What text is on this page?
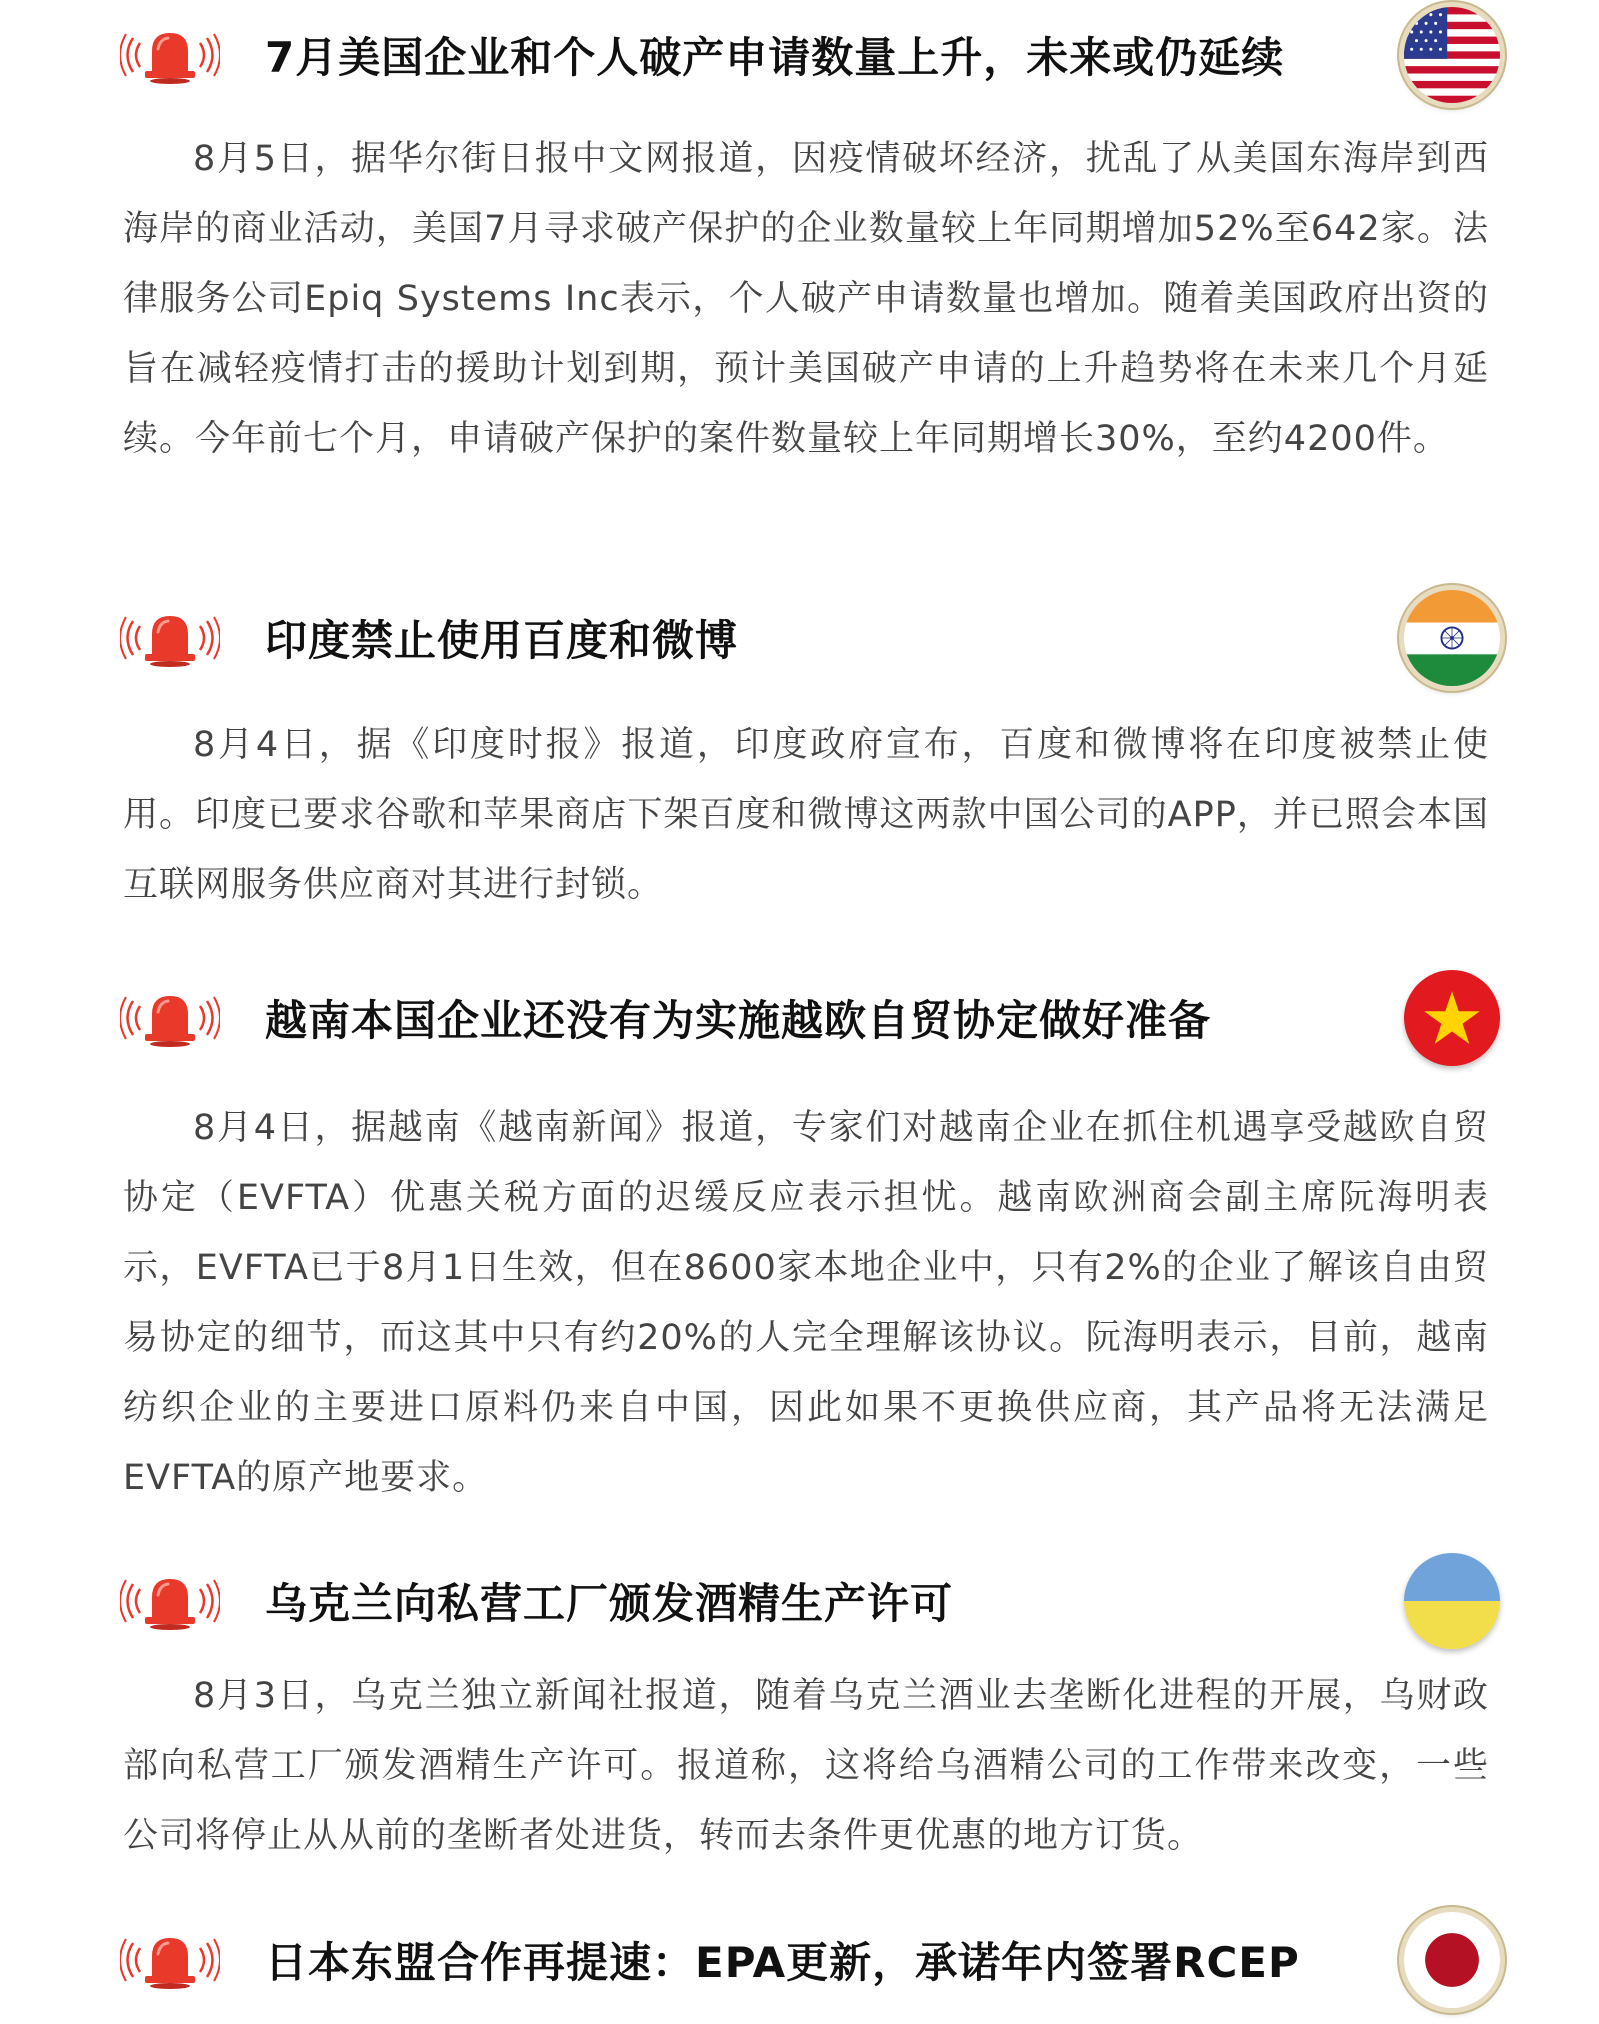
7月美国企业和个人破产申请数量上升，未来或仍延续

8月5日，据华尔街日报中文网报道，因疫情破坏经济，扰乱了从美国东海岸到西海岸的商业活动，美国7月寻求破产保护的企业数量较上年同期增加52%至642家。法律服务公司Epiq Systems Inc表示，个人破产申请数量也增加。随着美国政府出资的旨在减轻疫情打击的援助计划到期，预计美国破产申请的上升趋势将在未来几个月延续。今年前七个月，申请破产保护的案件数量较上年同期增长30%，至约4200件。

印度禁止使用百度和微博

8月4日，据《印度时报》报道，印度政府宣布，百度和微博将在印度被禁止使用。印度已要求谷歌和苹果商店下架百度和微博这两款中国公司的APP，并已照会本国互联网服务供应商对其进行封锁。

越南本国企业还没有为实施越欧自贸协定做好准备

8月4日，据越南《越南新闻》报道，专家们对越南企业在抓住机遇享受越欧自贸协定（EVFTA）优惠关税方面的迟缓反应表示担忧。越南欧洲商会副主席阮海明表示，EVFTA已于8月1日生效，但在8600家本地企业中，只有2%的企业了解该自由贸易协定的细节，而这其中只有约20%的人完全理解该协议。阮海明表示，目前，越南纺织企业的主要进口原料仍来自中国，因此如果不更换供应商，其产品将无法满足EVFTA的原产地要求。

乌克兰向私营工厂颁发酒精生产许可

8月3日，乌克兰独立新闻社报道，随着乌克兰酒业去垄断化进程的开展，乌财政部向私营工厂颁发酒精生产许可。报道称，这将给乌酒精公司的工作带来改变，一些公司将停止从从前的垄断者处进货，转而去条件更优惠的地方订货。

日本东盟合作再提速：EPA更新，承诺年内签署RCEP
